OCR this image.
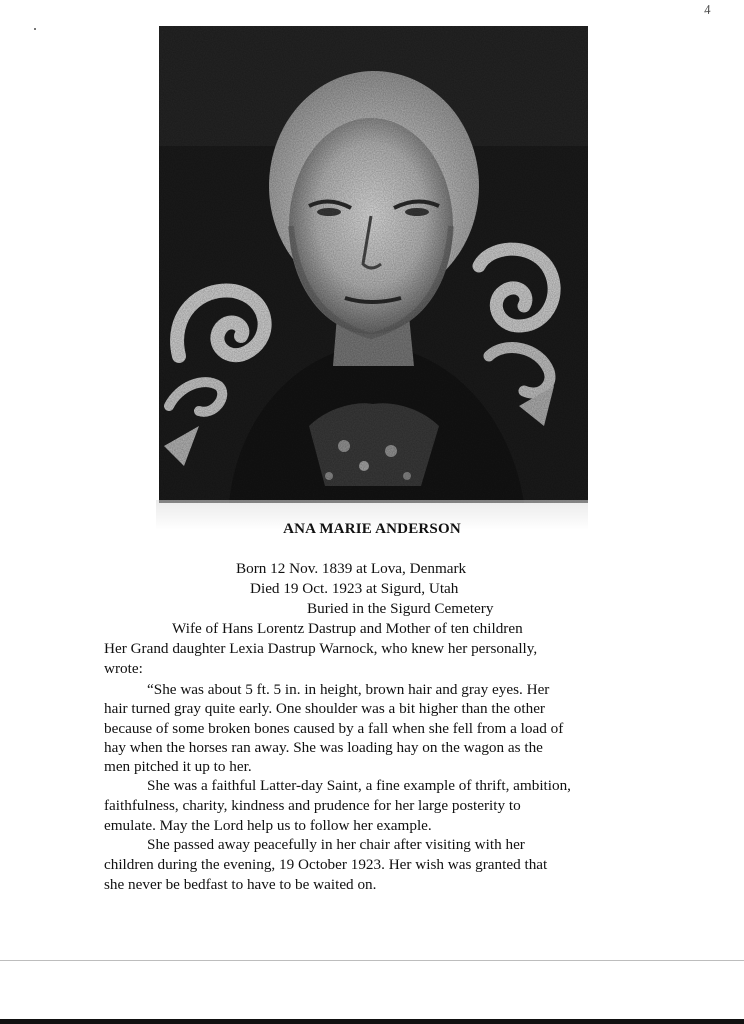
4
ANA MARIE ANDERSON
Born 12 Nov. 1839 at Lova, Denmark
Died 19 Oct. 1923 at Sigurd, Utah
Buried in the Sigurd Cemetery
Wife of Hans Lorentz Dastrup and Mother of ten children
Her Grand daughter Lexia Dastrup Warnock, who knew her personally,
wrote:
“She was about 5 ft. 5 in. in height, brown hair and gray eyes. Her
hair turned gray quite early. One shoulder was a bit higher than the other
because of some broken bones caused by a fall when she fell from a load of
hay when the horses ran away. She was loading hay on the wagon as the
men pitched it up to her.
She was a faithful Latter-day Saint, a fine example of thrift, ambition,
faithfulness, charity, kindness and prudence for her large posterity to
emulate. May the Lord help us to follow her example.
She passed away peacefully in her chair after visiting with her
children during the evening, 19 October 1923. Her wish was granted that
she never be bedfast to have to be waited on.
